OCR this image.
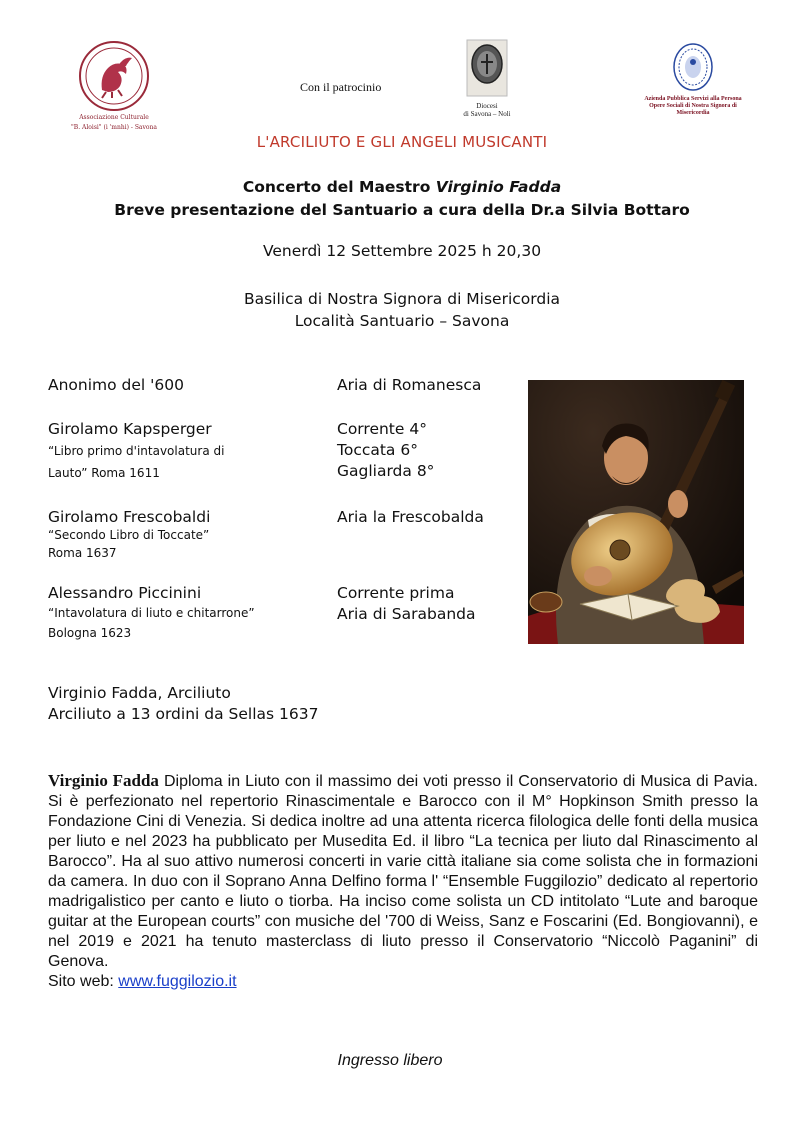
Associazione Culturale
"B. Aloisi" (i 'mnhi) - Savona
Con il patrocinio
Diocesi
di Savona – Noli
Azienda Pubblica Servizi alla Persona
Opere Sociali di Nostra Signora di
Misericordia
L'ARCILIUTO E GLI ANGELI MUSICANTI
Concerto del Maestro Virginio Fadda
Breve presentazione del Santuario a cura della Dr.a Silvia Bottaro
Venerdì 12 Settembre 2025 h 20,30
Basilica di Nostra Signora di Misericordia
Località Santuario – Savona
Anonimo del '600	Aria di Romanesca
Girolamo Kapsperger
“Libro primo d'intavolatura di
Lauto” Roma 1611
Corrente 4°
Toccata 6°
Gagliarda 8°
Girolamo Frescobaldi
“Secondo Libro di Toccate”
Roma 1637
Aria la Frescobalda
Alessandro Piccinini
“Intavolatura di liuto e chitarrone”
Bologna 1623
Corrente prima
Aria di Sarabanda
Virginio Fadda, Arciliuto
Arciliuto a 13 ordini da Sellas 1637
Virginio Fadda Diploma in Liuto con il massimo dei voti presso il Conservatorio di Musica di Pavia. Si è perfezionato nel repertorio Rinascimentale e Barocco con il M° Hopkinson Smith presso la Fondazione Cini di Venezia. Si dedica inoltre ad una attenta ricerca filologica delle fonti della musica per liuto e nel 2023 ha pubblicato per Musedita Ed. il libro “La tecnica per liuto dal Rinascimento al Barocco”. Ha al suo attivo numerosi concerti in varie città italiane sia come solista che in formazioni da camera. In duo con il Soprano Anna Delfino forma l' “Ensemble Fuggilozio” dedicato al repertorio madrigalistico per canto e liuto o tiorba. Ha inciso come solista un CD intitolato “Lute and baroque guitar at the European courts” con musiche del '700 di Weiss, Sanz e Foscarini (Ed. Bongiovanni), e nel 2019 e 2021 ha tenuto masterclass di liuto presso il Conservatorio “Niccolò Paganini” di Genova.
Sito web: www.fuggilozio.it
Ingresso libero
